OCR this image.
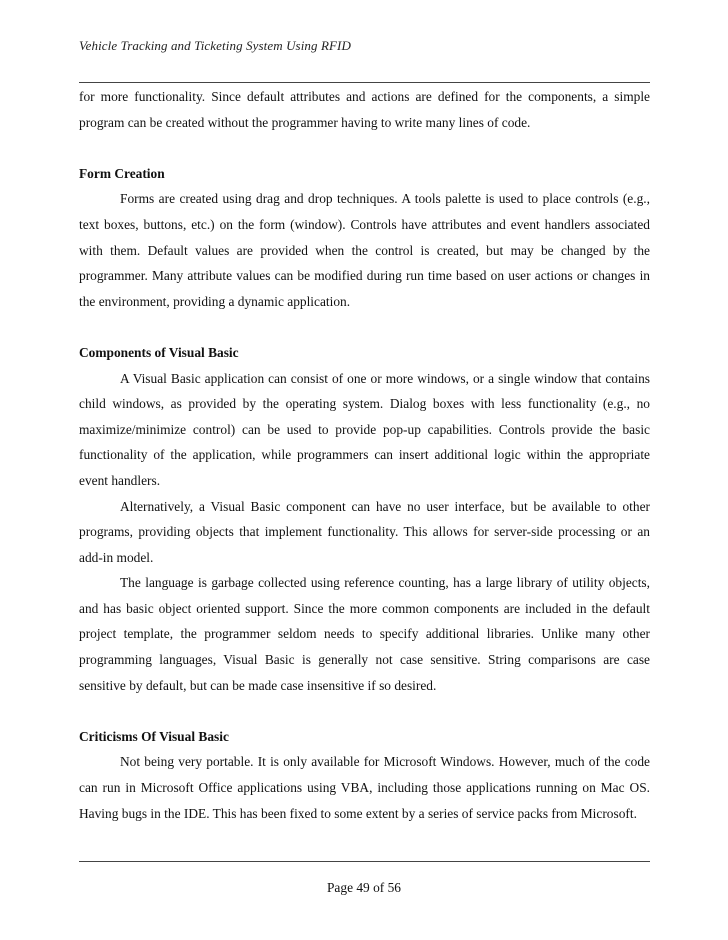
Vehicle Tracking and Ticketing System Using RFID

for more functionality. Since default attributes and actions are defined for the components, a simple program can be created without the programmer having to write many lines of code.

Form Creation

Forms are created using drag and drop techniques. A tools palette is used to place controls (e.g., text boxes, buttons, etc.) on the form (window). Controls have attributes and event handlers associated with them. Default values are provided when the control is created, but may be changed by the programmer. Many attribute values can be modified during run time based on user actions or changes in the environment, providing a dynamic application.

Components of Visual Basic

A Visual Basic application can consist of one or more windows, or a single window that contains child windows, as provided by the operating system. Dialog boxes with less functionality (e.g., no maximize/minimize control) can be used to provide pop-up capabilities. Controls provide the basic functionality of the application, while programmers can insert additional logic within the appropriate event handlers.

Alternatively, a Visual Basic component can have no user interface, but be available to other programs, providing objects that implement functionality. This allows for server-side processing or an add-in model.

The language is garbage collected using reference counting, has a large library of utility objects, and has basic object oriented support. Since the more common components are included in the default project template, the programmer seldom needs to specify additional libraries. Unlike many other programming languages, Visual Basic is generally not case sensitive. String comparisons are case sensitive by default, but can be made case insensitive if so desired.

Criticisms Of Visual Basic

Not being very portable. It is only available for Microsoft Windows. However, much of the code can run in Microsoft Office applications using VBA, including those applications running on Mac OS. Having bugs in the IDE. This has been fixed to some extent by a series of service packs from Microsoft.

Page 49 of 56
